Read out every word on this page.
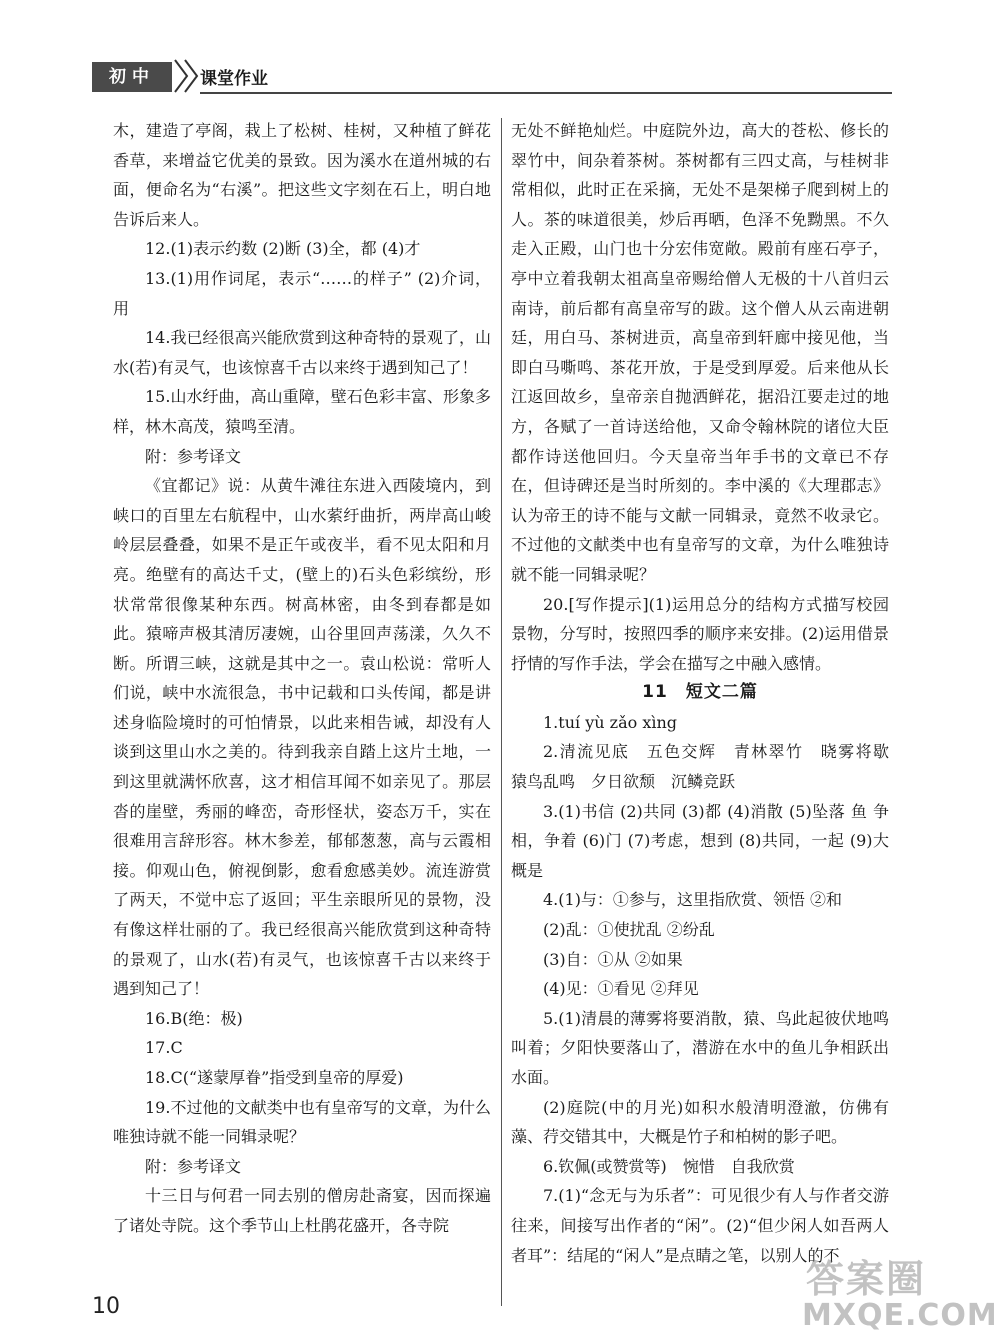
初中	课堂作业

木，建造了亭阁，栽上了松树、桂树，又种植了鲜花香草，来增益它优美的景致。因为溪水在道州城的右面，便命名为“右溪”。把这些文字刻在石上，明白地告诉后来人。

12.(1)表示约数 (2)断 (3)全，都 (4)才

13.(1)用作词尾，表示“……的样子” (2)介词，用

14.我已经很高兴能欣赏到这种奇特的景观了，山水(若)有灵气，也该惊喜千古以来终于遇到知己了！

15.山水纡曲，高山重障，壁石色彩丰富、形象多样，林木高茂，猿鸣至清。

附：参考译文

《宜都记》说：从黄牛滩往东进入西陵境内，到峡口的百里左右航程中，山水萦纡曲折，两岸高山峻岭层层叠叠，如果不是正午或夜半，看不见太阳和月亮。绝壁有的高达千丈，(壁上的)石头色彩缤纷，形状常常很像某种东西。树高林密，由冬到春都是如此。猿啼声极其清厉凄婉，山谷里回声荡漾，久久不断。所谓三峡，这就是其中之一。袁山松说：常听人们说，峡中水流很急，书中记载和口头传闻，都是讲述身临险境时的可怕情景，以此来相告诫，却没有人谈到这里山水之美的。待到我亲自踏上这片土地，一到这里就满怀欣喜，这才相信耳闻不如亲见了。那层沓的崖壁，秀丽的峰峦，奇形怪状，姿态万千，实在很难用言辞形容。林木参差，郁郁葱葱，高与云霞相接。仰观山色，俯视倒影，愈看愈感美妙。流连游赏了两天，不觉中忘了返回；平生亲眼所见的景物，没有像这样壮丽的了。我已经很高兴能欣赏到这种奇特的景观了，山水(若)有灵气，也该惊喜千古以来终于遇到知己了！

16.B(绝：极)

17.C

18.C(“遂蒙厚眷”指受到皇帝的厚爱)

19.不过他的文献类中也有皇帝写的文章，为什么唯独诗就不能一同辑录呢？

附：参考译文

十三日与何君一同去别的僧房赴斋宴，因而探遍了诸处寺院。这个季节山上杜鹃花盛开，各寺院

无处不鲜艳灿烂。中庭院外边，高大的苍松、修长的翠竹中，间杂着茶树。茶树都有三四丈高，与桂树非常相似，此时正在采摘，无处不是架梯子爬到树上的人。茶的味道很美，炒后再晒，色泽不免黝黑。不久走入正殿，山门也十分宏伟宽敞。殿前有座石亭子，亭中立着我朝太祖高皇帝赐给僧人无极的十八首归云南诗，前后都有高皇帝写的跋。这个僧人从云南进朝廷，用白马、茶树进贡，高皇帝到轩廊中接见他，当即白马嘶鸣、茶花开放，于是受到厚爱。后来他从长江返回故乡，皇帝亲自抛洒鲜花，据沿江要走过的地方，各赋了一首诗送给他，又命令翰林院的诸位大臣都作诗送他回归。今天皇帝当年手书的文章已不存在，但诗碑还是当时所刻的。李中溪的《大理郡志》认为帝王的诗不能与文献一同辑录，竟然不收录它。不过他的文献类中也有皇帝写的文章，为什么唯独诗就不能一同辑录呢？

20.[写作提示](1)运用总分的结构方式描写校园景物，分写时，按照四季的顺序来安排。(2)运用借景抒情的写作手法，学会在描写之中融入感情。

11　短文二篇

1.tuí yù zǎo xìng

2.清流见底　五色交辉　青林翠竹　晓雾将歇　猿鸟乱鸣　夕日欲颓　沉鳞竞跃

3.(1)书信 (2)共同 (3)都 (4)消散 (5)坠落 鱼 争相，争着 (6)门 (7)考虑，想到 (8)共同，一起 (9)大概是

4.(1)与：①参与，这里指欣赏、领悟 ②和

(2)乱：①使扰乱 ②纷乱

(3)自：①从 ②如果

(4)见：①看见 ②拜见

5.(1)清晨的薄雾将要消散，猿、鸟此起彼伏地鸣叫着；夕阳快要落山了，潜游在水中的鱼儿争相跃出水面。

(2)庭院(中的月光)如积水般清明澄澈，仿佛有藻、荇交错其中，大概是竹子和柏树的影子吧。

6.钦佩(或赞赏等)　惋惜　自我欣赏

7.(1)“念无与为乐者”：可见很少有人与作者交游往来，间接写出作者的“闲”。(2)“但少闲人如吾两人者耳”：结尾的“闲人”是点睛之笔，以别人的不

10
答案圈
MXQE.COM
